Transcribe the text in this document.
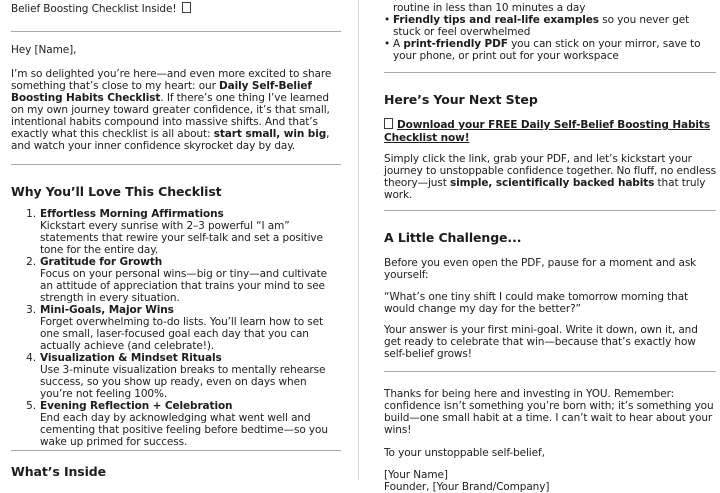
Belief Boosting Checklist Inside!

Hey [Name],

I’m so delighted you’re here—and even more excited to share something that’s close to my heart: our Daily Self-Belief Boosting Habits Checklist. If there’s one thing I’ve learned on my own journey toward greater confidence, it’s that small, intentional habits compound into massive shifts. And that’s exactly what this checklist is all about: start small, win big, and watch your inner confidence skyrocket day by day.

Why You’ll Love This Checklist
1. Effortless Morning Affirmations
Kickstart every sunrise with 2–3 powerful “I am” statements that rewire your self-talk and set a positive tone for the entire day.
2. Gratitude for Growth
Focus on your personal wins—big or tiny—and cultivate an attitude of appreciation that trains your mind to see strength in every situation.
3. Mini-Goals, Major Wins
Forget overwhelming to-do lists. You’ll learn how to set one small, laser-focused goal each day that you can actually achieve (and celebrate!).
4. Visualization & Mindset Rituals
Use 3-minute visualization breaks to mentally rehearse success, so you show up ready, even on days when you’re not feeling 100%.
5. Evening Reflection + Celebration
End each day by acknowledging what went well and cementing that positive feeling before bedtime—so you wake up primed for success.
What’s Inside
routine in less than 10 minutes a day
• Friendly tips and real-life examples so you never get stuck or feel overwhelmed
• A print-friendly PDF you can stick on your mirror, save to your phone, or print out for your workspace
Here’s Your Next Step

Download your FREE Daily Self-Belief Boosting Habits Checklist now!

Simply click the link, grab your PDF, and let’s kickstart your journey to unstoppable confidence together. No fluff, no endless theory—just simple, scientifically backed habits that truly work.

A Little Challenge...

Before you even open the PDF, pause for a moment and ask yourself:

“What’s one tiny shift I could make tomorrow morning that would change my day for the better?”

Your answer is your first mini-goal. Write it down, own it, and get ready to celebrate that win—because that’s exactly how self-belief grows!

Thanks for being here and investing in YOU. Remember: confidence isn’t something you’re born with; it’s something you build—one small habit at a time. I can’t wait to hear about your wins!

To your unstoppable self-belief,

[Your Name]
Founder, [Your Brand/Company]
